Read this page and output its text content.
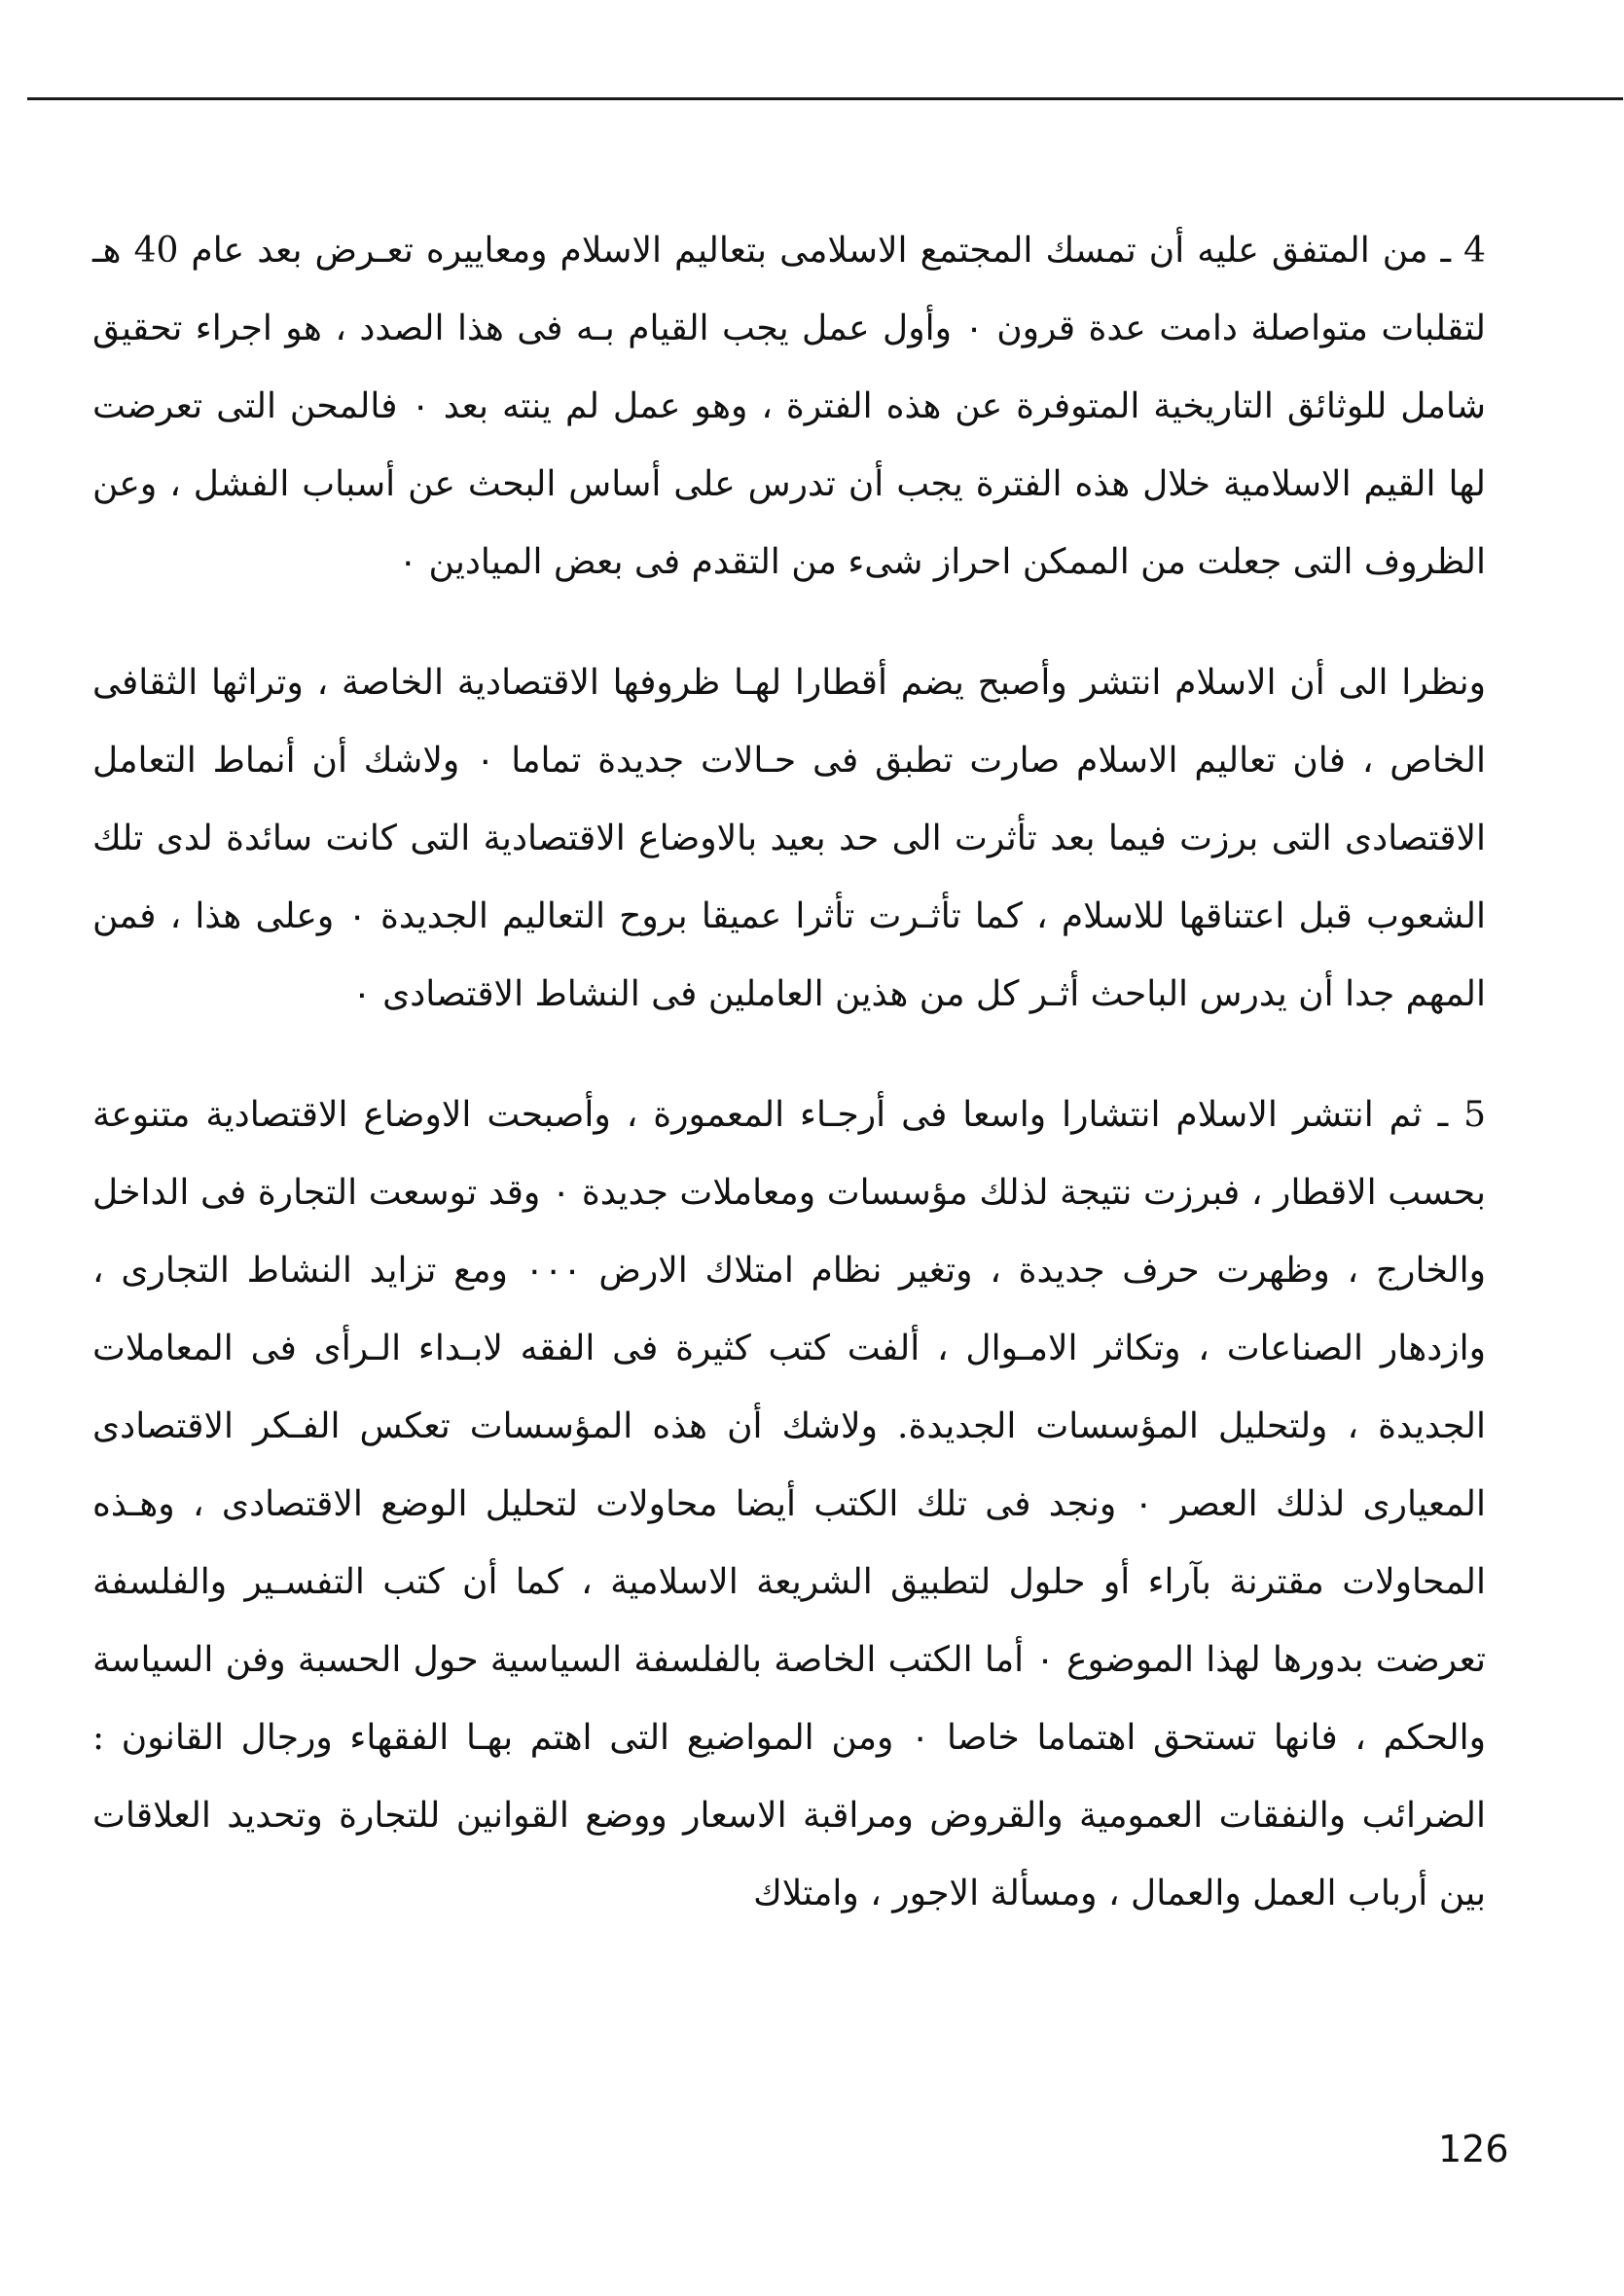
4 ـ من المتفق عليه أن تمسك المجتمع الاسلامى بتعاليم الاسلام ومعاييره تعـرض بعد عام 40 هـ لتقلبات متواصلة دامت عدة قرون ٠ وأول عمل يجب القيام بـه فى هذا الصدد ، هو اجراء تحقيق شامل للوثائق التاريخية المتوفرة عن هذه الفترة ، وهو عمل لم ينته بعد ٠ فالمحن التى تعرضت لها القيم الاسلامية خلال هذه الفترة يجب أن تدرس على أساس البحث عن أسباب الفشل ، وعن الظروف التى جعلت من الممكن احراز شىء من التقدم فى بعض الميادين ٠

ونظرا الى أن الاسلام انتشر وأصبح يضم أقطارا لهـا ظروفها الاقتصادية الخاصة ، وتراثها الثقافى الخاص ، فان تعاليم الاسلام صارت تطبق فى حـالات جديدة تماما ٠ ولاشك أن أنماط التعامل الاقتصادى التى برزت فيما بعد تأثرت الى حد بعيد بالاوضاع الاقتصادية التى كانت سائدة لدى تلك الشعوب قبل اعتناقها للاسلام ، كما تأثـرت تأثرا عميقا بروح التعاليم الجديدة ٠ وعلى هذا ، فمن المهم جدا أن يدرس الباحث أثـر كل من هذين العاملين فى النشاط الاقتصادى ٠

5 ـ ثم انتشر الاسلام انتشارا واسعا فى أرجـاء المعمورة ، وأصبحت الاوضاع الاقتصادية متنوعة بحسب الاقطار ، فبرزت نتيجة لذلك مؤسسات ومعاملات جديدة ٠ وقد توسعت التجارة فى الداخل والخارج ، وظهرت حرف جديدة ، وتغير نظام امتلاك الارض ٠٠٠ ومع تزايد النشاط التجارى ، وازدهار الصناعات ، وتكاثر الامـوال ، ألفت كتب كثيرة فى الفقه لابـداء الـرأى فى المعاملات الجديدة ، ولتحليل المؤسسات الجديدة. ولاشك أن هذه المؤسسات تعكس الفـكر الاقتصادى المعيارى لذلك العصر ٠ ونجد فى تلك الكتب أيضا محاولات لتحليل الوضع الاقتصادى ، وهـذه المحاولات مقترنة بآراء أو حلول لتطبيق الشريعة الاسلامية ، كما أن كتب التفسـير والفلسفة تعرضت بدورها لهذا الموضوع ٠ أما الكتب الخاصة بالفلسفة السياسية حول الحسبة وفن السياسة والحكم ، فانها تستحق اهتماما خاصا ٠ ومن المواضيع التى اهتم بهـا الفقهاء ورجال القانون : الضرائب والنفقات العمومية والقروض ومراقبة الاسعار ووضع القوانين للتجارة وتحديد العلاقات بين أرباب العمل والعمال ، ومسألة الاجور ، وامتلاك

126
